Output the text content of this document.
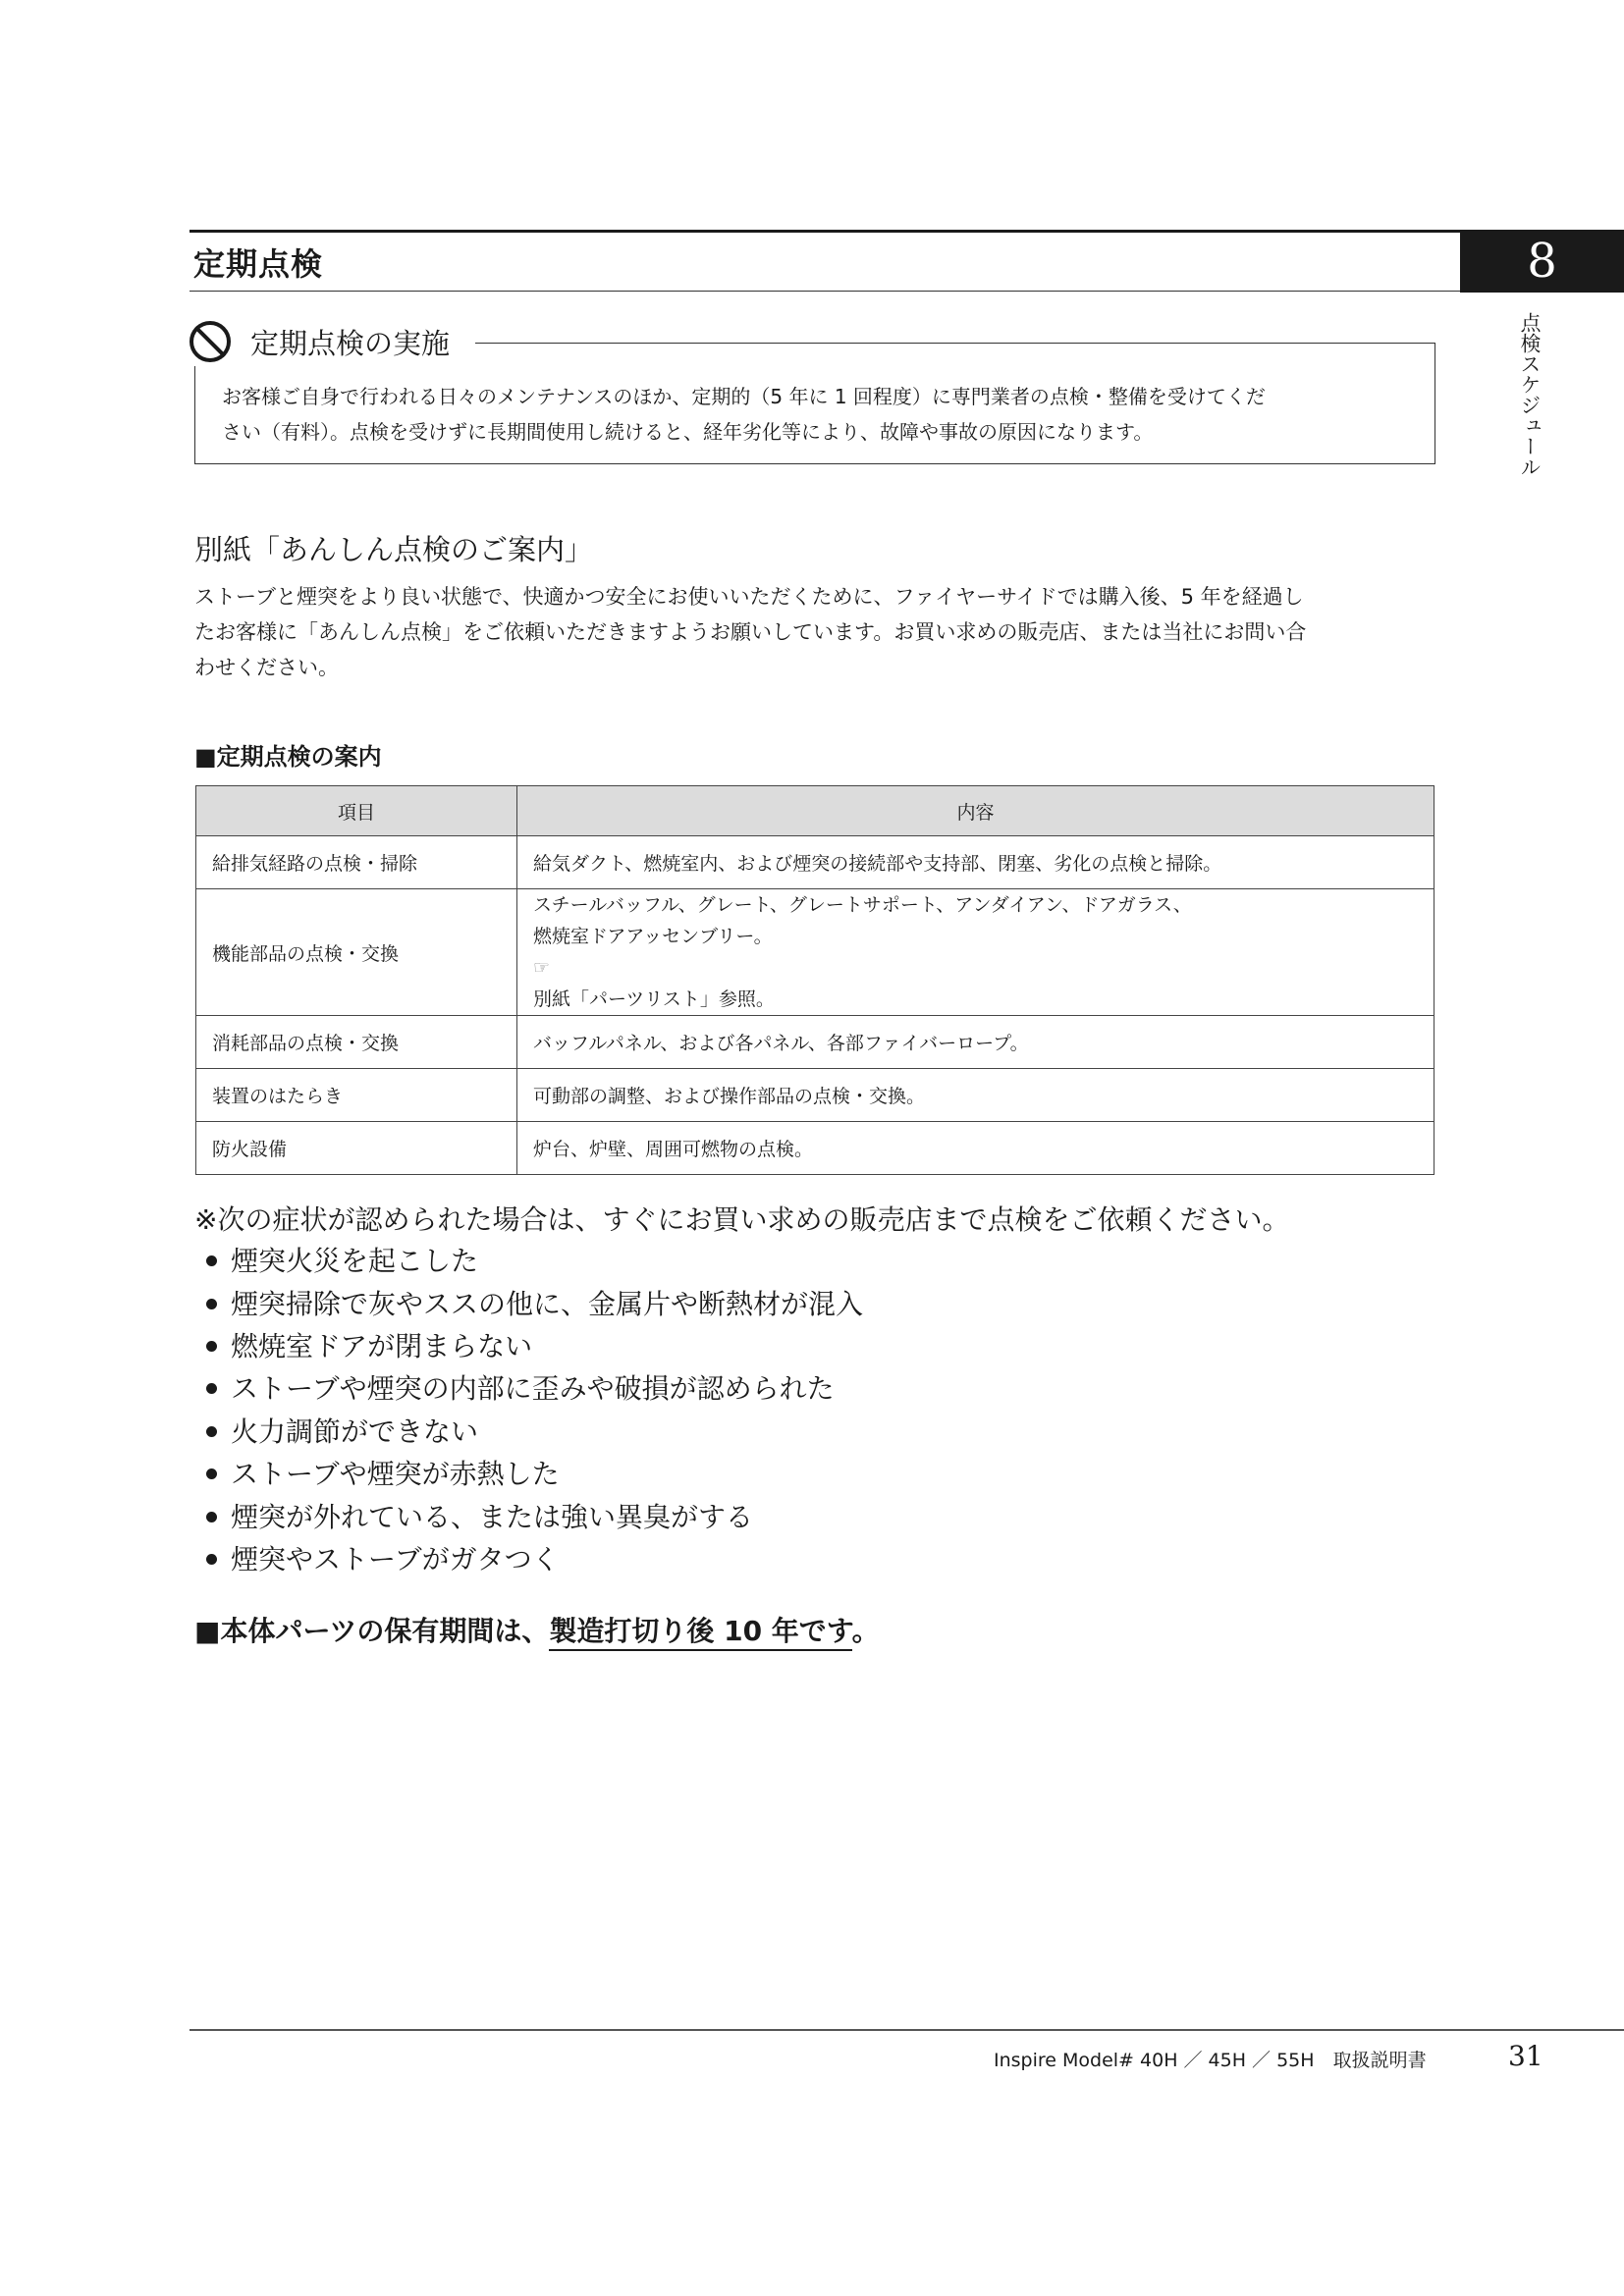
定期点検	8
点検スケジュール
定期点検の実施
お客様ご自身で行われる日々のメンテナンスのほか、定期的（5 年に 1 回程度）に専門業者の点検・整備を受けてくだ
さい（有料）。点検を受けずに長期間使用し続けると、経年劣化等により、故障や事故の原因になります。
別紙「あんしん点検のご案内」
ストーブと煙突をより良い状態で、快適かつ安全にお使いいただくために、ファイヤーサイドでは購入後、5 年を経過し
たお客様に「あんしん点検」をご依頼いただきますようお願いしています。お買い求めの販売店、または当社にお問い合
わせください。
■定期点検の案内
項目	内容
給排気経路の点検・掃除	給気ダクト、燃焼室内、および煙突の接続部や支持部、閉塞、劣化の点検と掃除。
機能部品の点検・交換	スチールバッフル、グレート、グレートサポート、アンダイアン、ドアガラス、
燃焼室ドアアッセンブリー。
☞
別紙「パーツリスト」参照。

消耗部品の点検・交換	バッフルパネル、および各パネル、各部ファイバーロープ。
装置のはたらき	可動部の調整、および操作部品の点検・交換。
防火設備	炉台、炉壁、周囲可燃物の点検。
※次の症状が認められた場合は、すぐにお買い求めの販売店まで点検をご依頼ください。
煙突火災を起こした
煙突掃除で灰やススの他に、金属片や断熱材が混入
燃焼室ドアが閉まらない
ストーブや煙突の内部に歪みや破損が認められた
火力調節ができない
ストーブや煙突が赤熱した
煙突が外れている、または強い異臭がする
煙突やストーブがガタつく
■本体パーツの保有期間は、製造打切り後 10 年です。
Inspire Model# 40H ／ 45H ／ 55H　取扱説明書	31
